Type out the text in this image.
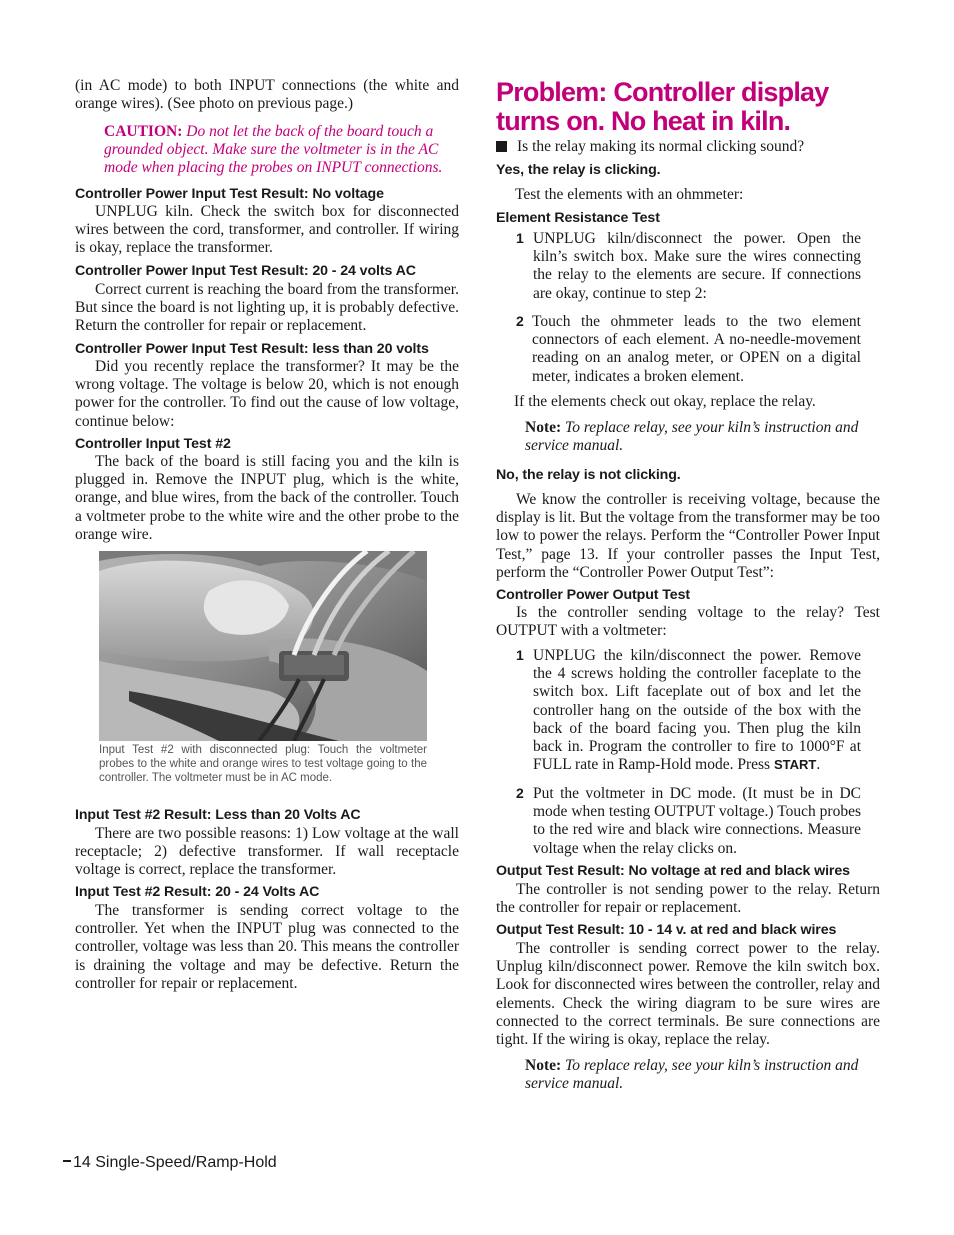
(in AC mode) to both INPUT connections (the white and orange wires). (See photo on previous page.)

CAUTION: Do not let the back of the board touch a grounded object. Make sure the voltmeter is in the AC mode when placing the probes on INPUT connections.

Controller Power Input Test Result: No voltage

UNPLUG kiln. Check the switch box for disconnected wires between the cord, transformer, and controller. If wiring is okay, replace the transformer.

Controller Power Input Test Result: 20 - 24 volts AC

Correct current is reaching the board from the transformer. But since the board is not lighting up, it is probably defective. Return the controller for repair or replacement.

Controller Power Input Test Result: less than 20 volts

Did you recently replace the transformer? It may be the wrong voltage. The voltage is below 20, which is not enough power for the controller. To find out the cause of low voltage, continue below:

Controller Input Test #2

The back of the board is still facing you and the kiln is plugged in. Remove the INPUT plug, which is the white, orange, and blue wires, from the back of the controller. Touch a voltmeter probe to the white wire and the other probe to the orange wire.

Input Test #2 with disconnected plug: Touch the voltmeter probes to the white and orange wires to test voltage going to the controller. The voltmeter must be in AC mode.

Input Test #2 Result: Less than 20 Volts AC

There are two possible reasons: 1) Low voltage at the wall receptacle; 2) defective transformer. If wall receptacle voltage is correct, replace the transformer.

Input Test #2 Result: 20 - 24 Volts AC

The transformer is sending correct voltage to the controller. Yet when the INPUT plug was connected to the controller, voltage was less than 20. This means the controller is draining the voltage and may be defective. Return the controller for repair or replacement.

Problem: Controller display turns on. No heat in kiln.

Is the relay making its normal clicking sound?

Yes, the relay is clicking.

Test the elements with an ohmmeter:

Element Resistance Test

1 UNPLUG kiln/disconnect the power. Open the kiln’s switch box. Make sure the wires connecting the relay to the elements are secure. If connections are okay, continue to step 2:

2 Touch the ohmmeter leads to the two element connectors of each element. A no-needle-movement reading on an analog meter, or OPEN on a digital meter, indicates a broken element.

If the elements check out okay, replace the relay.

Note: To replace relay, see your kiln’s instruction and service manual.

No, the relay is not clicking.

We know the controller is receiving voltage, because the display is lit. But the voltage from the transformer may be too low to power the relays. Perform the “Controller Power Input Test,” page 13. If your controller passes the Input Test, perform the “Controller Power Output Test”:

Controller Power Output Test

Is the controller sending voltage to the relay? Test OUTPUT with a voltmeter:

1 UNPLUG the kiln/disconnect the power. Remove the 4 screws holding the controller faceplate to the switch box. Lift faceplate out of box and let the controller hang on the outside of the box with the back of the board facing you. Then plug the kiln back in. Program the controller to fire to 1000°F at FULL rate in Ramp-Hold mode. Press START.

2 Put the voltmeter in DC mode. (It must be in DC mode when testing OUTPUT voltage.) Touch probes to the red wire and black wire connections. Measure voltage when the relay clicks on.

Output Test Result: No voltage at red and black wires

The controller is not sending power to the relay. Return the controller for repair or replacement.

Output Test Result: 10 - 14 v. at red and black wires

The controller is sending correct power to the relay. Unplug kiln/disconnect power. Remove the kiln switch box. Look for disconnected wires between the controller, relay and elements. Check the wiring diagram to be sure wires are connected to the correct terminals. Be sure connections are tight. If the wiring is okay, replace the relay.

Note: To replace relay, see your kiln’s instruction and service manual.

14 Single-Speed/Ramp-Hold
